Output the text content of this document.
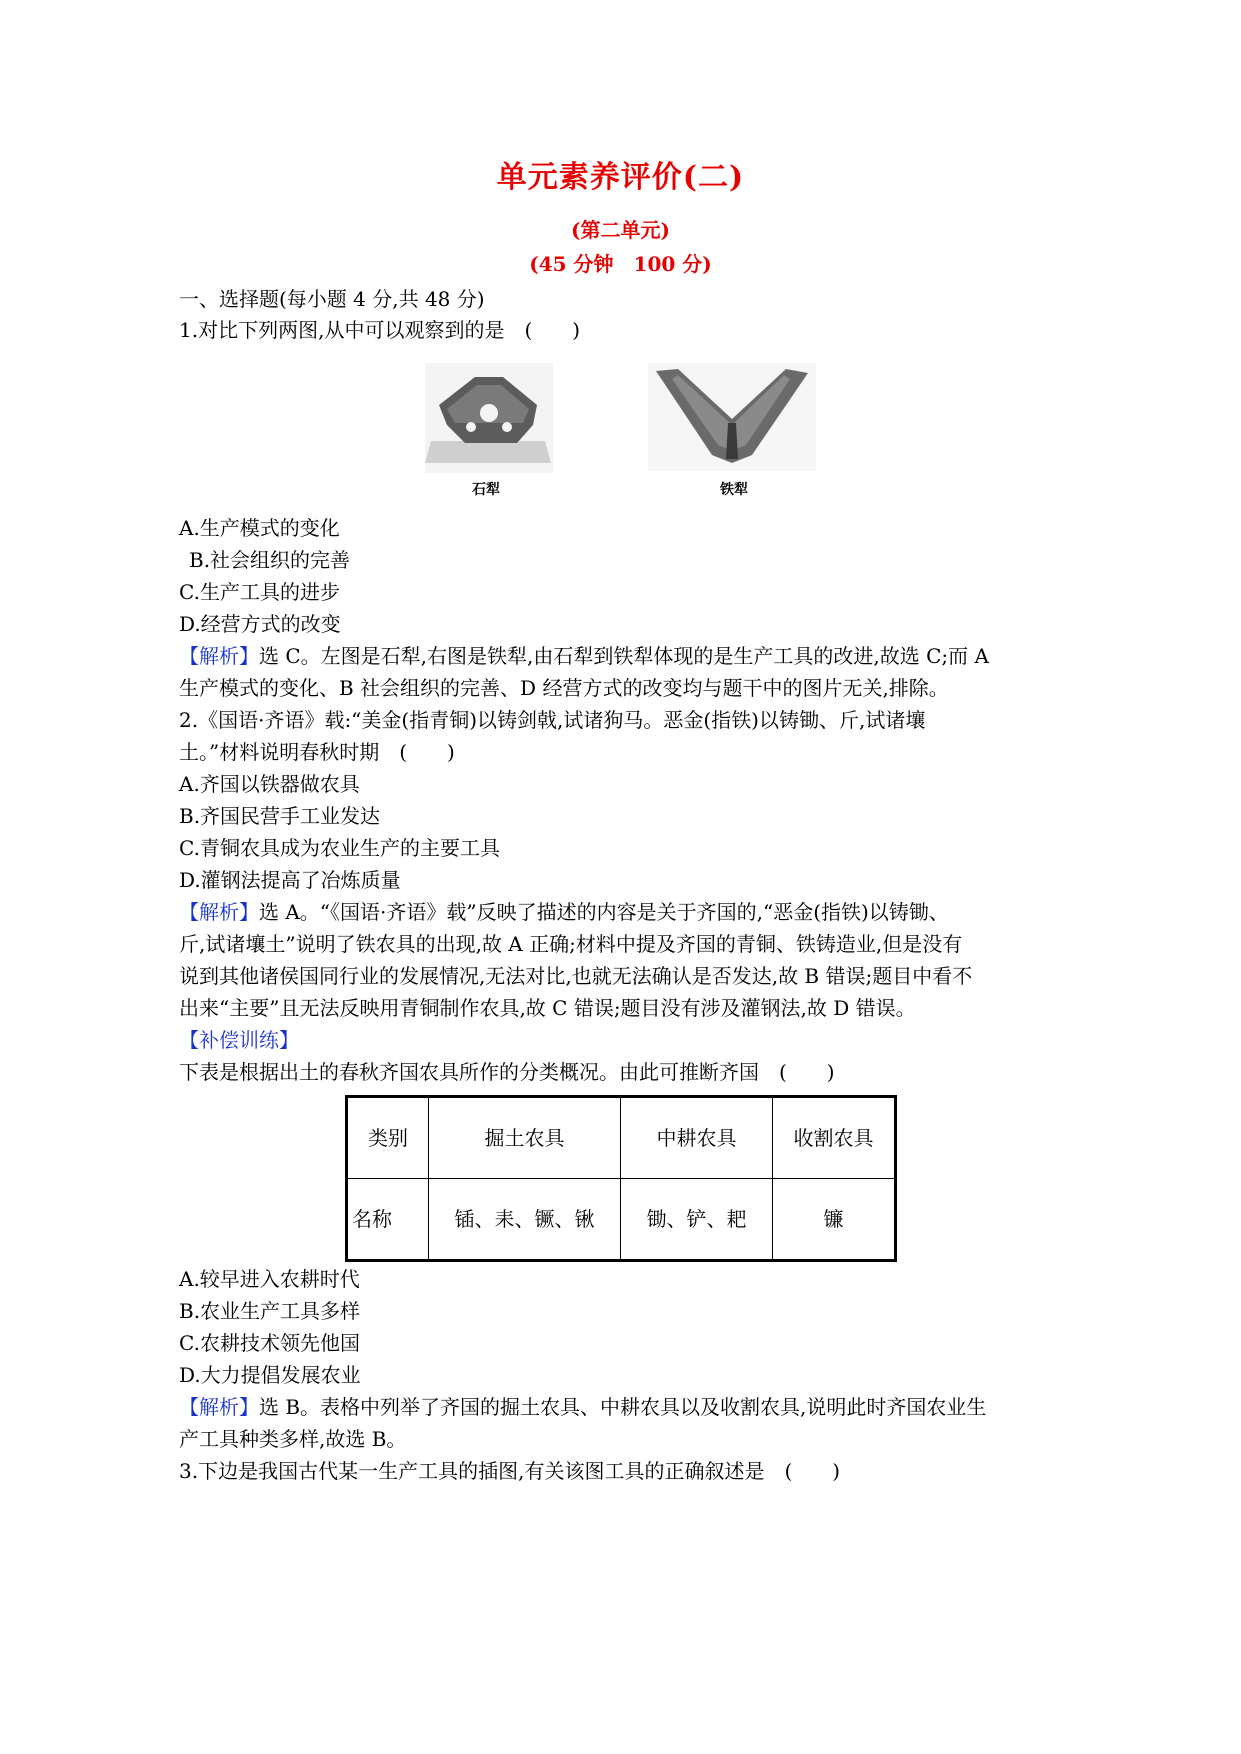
单元素养评价(二)
(第二单元)
(45 分钟　100 分)
一、选择题(每小题 4 分,共 48 分)
1.对比下列两图,从中可以观察到的是　(　　)
石犁	铁犁
A.生产模式的变化
B.社会组织的完善
C.生产工具的进步
D.经营方式的改变
【解析】选 C。左图是石犁,右图是铁犁,由石犁到铁犁体现的是生产工具的改进,故选 C;而 A
生产模式的变化、B 社会组织的完善、D 经营方式的改变均与题干中的图片无关,排除。
2.《国语·齐语》载:“美金(指青铜)以铸剑戟,试诸狗马。恶金(指铁)以铸锄、斤,试诸壤
土。”材料说明春秋时期　(　　)
A.齐国以铁器做农具
B.齐国民营手工业发达
C.青铜农具成为农业生产的主要工具
D.灌钢法提高了冶炼质量
【解析】选 A。“《国语·齐语》载”反映了描述的内容是关于齐国的,“恶金(指铁)以铸锄、
斤,试诸壤土”说明了铁农具的出现,故 A 正确;材料中提及齐国的青铜、铁铸造业,但是没有
说到其他诸侯国同行业的发展情况,无法对比,也就无法确认是否发达,故 B 错误;题目中看不
出来“主要”且无法反映用青铜制作农具,故 C 错误;题目没有涉及灌钢法,故 D 错误。
【补偿训练】
下表是根据出土的春秋齐国农具所作的分类概况。由此可推断齐国　(　　)
类别	掘土农具	中耕农具	收割农具
名称	锸、耒、镢、锹	锄、铲、耙	镰
A.较早进入农耕时代
B.农业生产工具多样
C.农耕技术领先他国
D.大力提倡发展农业
【解析】选 B。表格中列举了齐国的掘土农具、中耕农具以及收割农具,说明此时齐国农业生
产工具种类多样,故选 B。
3.下边是我国古代某一生产工具的插图,有关该图工具的正确叙述是　(　　)
